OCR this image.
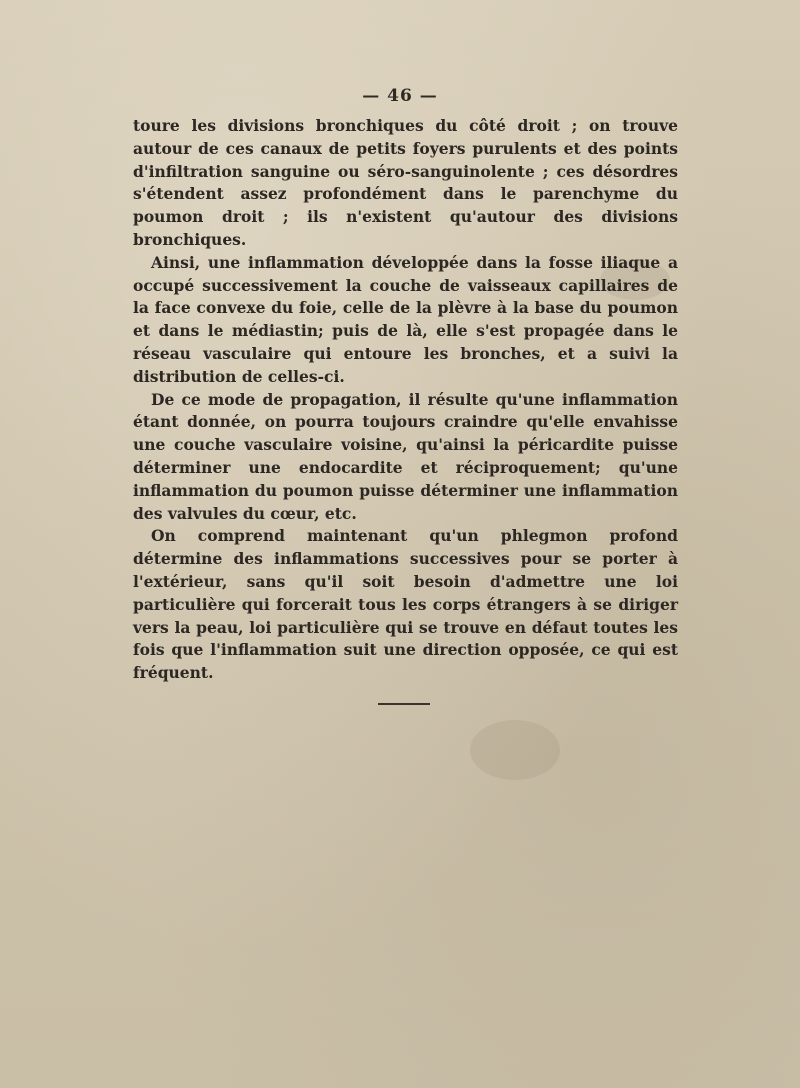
— 46 —

toure les divisions bronchiques du côté droit ; on trouve autour de ces canaux de petits foyers purulents et des points d'infiltration sanguine ou séro-sanguinolente ; ces désordres s'étendent assez profondément dans le parenchyme du poumon droit ; ils n'existent qu'autour des divisions bronchiques.

Ainsi, une inflammation développée dans la fosse iliaque a occupé successivement la couche de vaisseaux capillaires de la face convexe du foie, celle de la plèvre à la base du poumon et dans le médiastin; puis de là, elle s'est propagée dans le réseau vasculaire qui entoure les bronches, et a suivi la distribution de celles-ci.

De ce mode de propagation, il résulte qu'une inflammation étant donnée, on pourra toujours craindre qu'elle envahisse une couche vasculaire voisine, qu'ainsi la péricardite puisse déterminer une endocardite et réciproquement; qu'une inflammation du poumon puisse déterminer une inflammation des valvules du cœur, etc.

On comprend maintenant qu'un phlegmon profond détermine des inflammations successives pour se porter à l'extérieur, sans qu'il soit besoin d'admettre une loi particulière qui forcerait tous les corps étrangers à se diriger vers la peau, loi particulière qui se trouve en défaut toutes les fois que l'inflammation suit une direction opposée, ce qui est fréquent.
